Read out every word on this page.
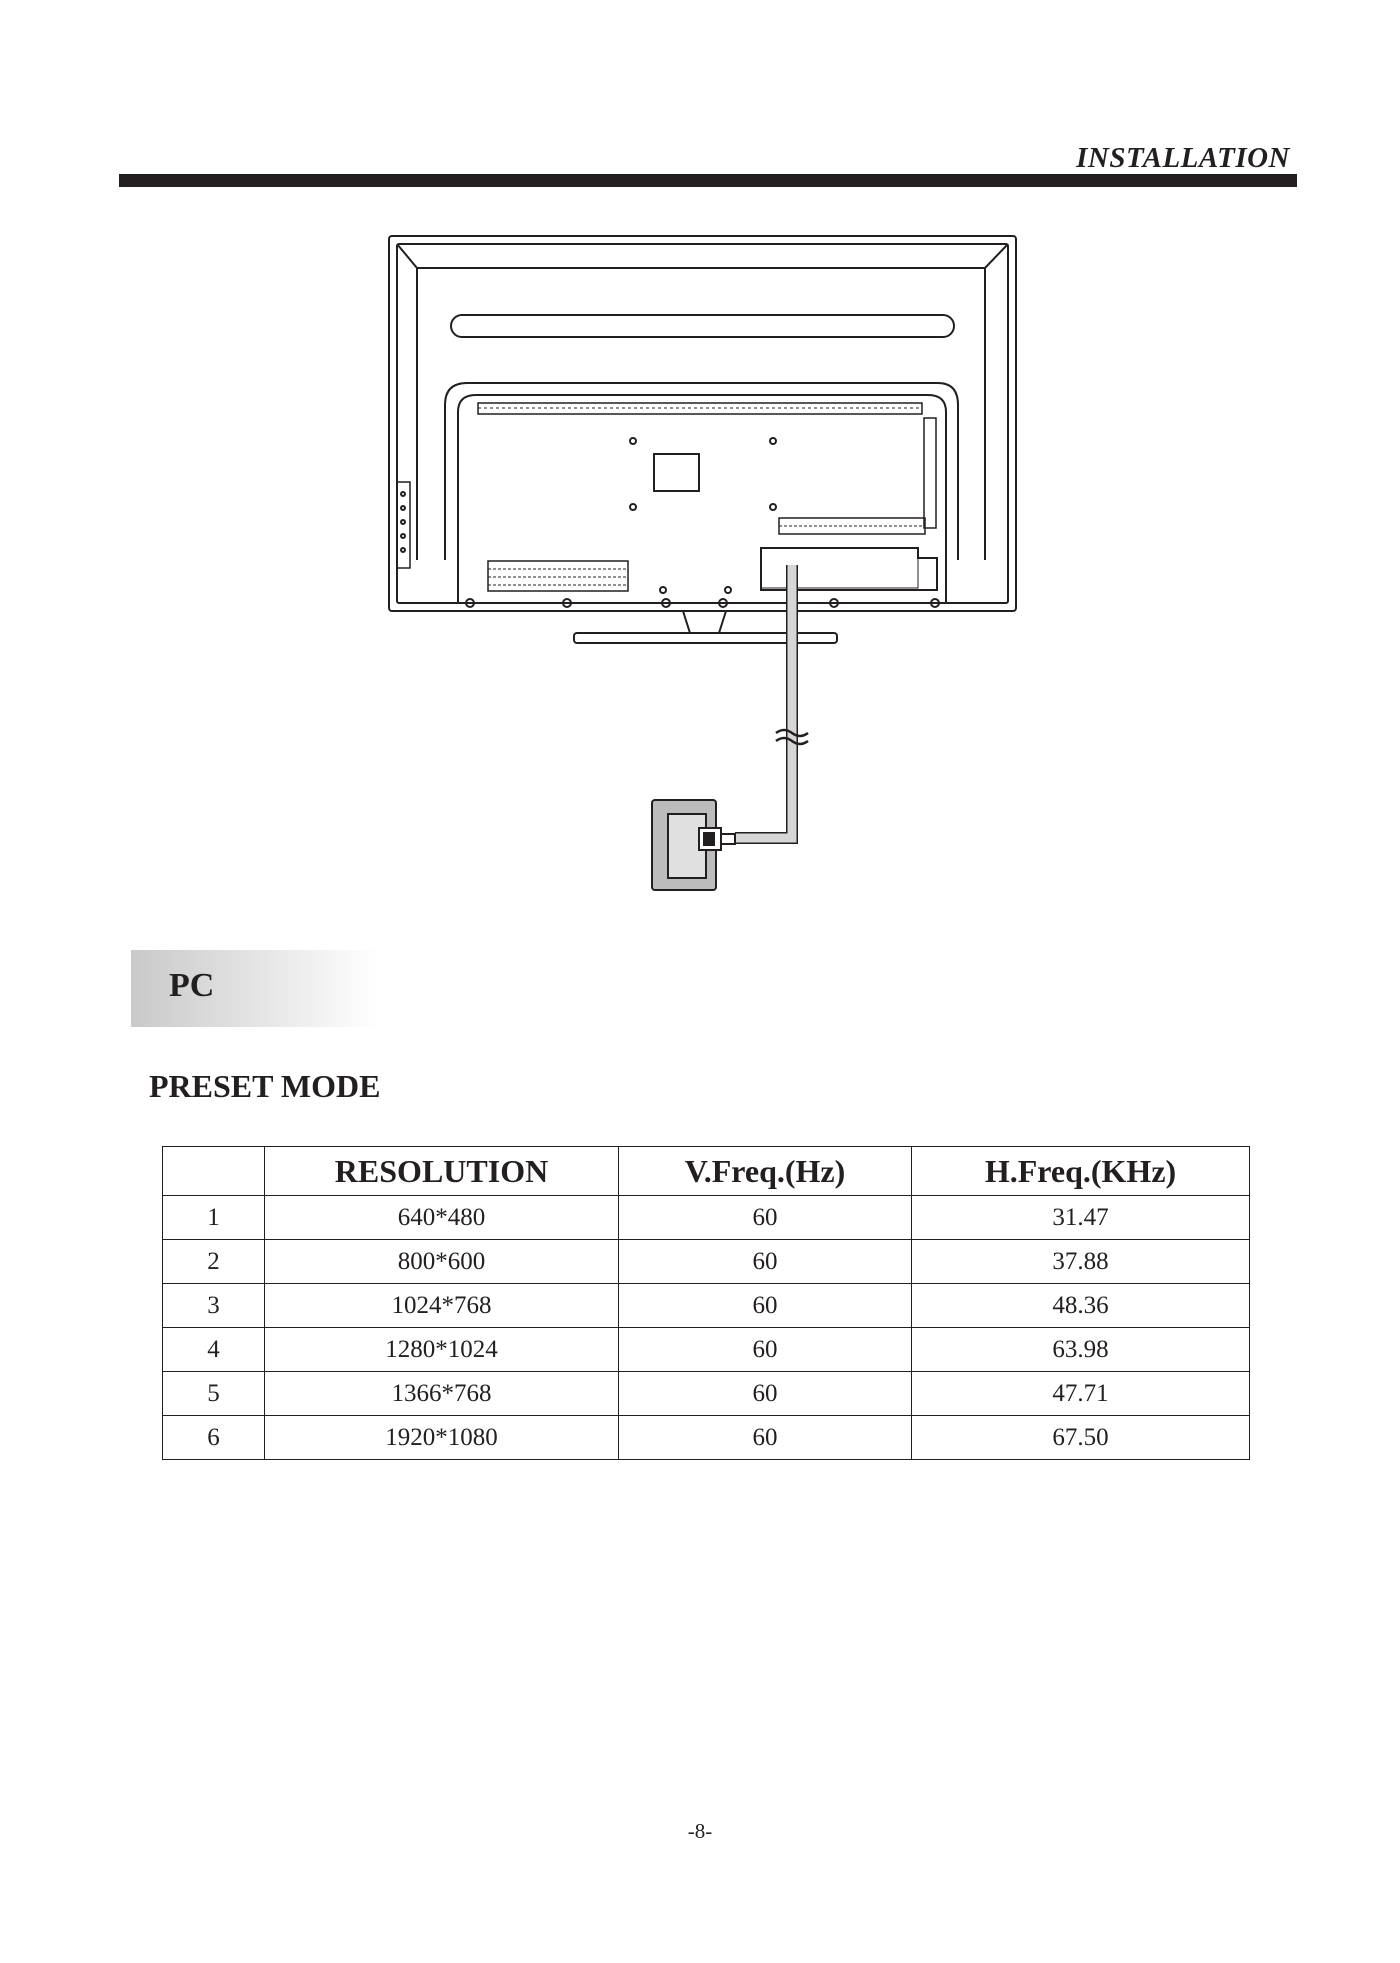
INSTALLATION
PC
PRESET MODE
	RESOLUTION	V.Freq.(Hz)	H.Freq.(KHz)
1	640*480	60	31.47
2	800*600	60	37.88
3	1024*768	60	48.36
4	1280*1024	60	63.98
5	1366*768	60	47.71
6	1920*1080	60	67.50
-8-
